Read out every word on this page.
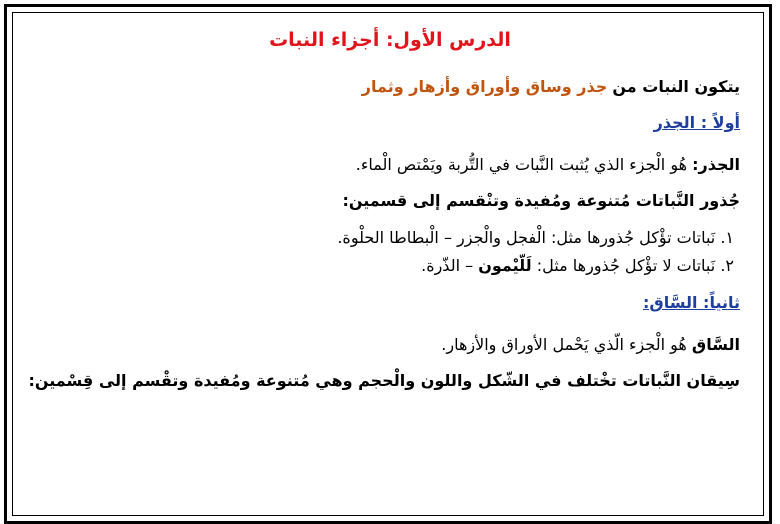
الدرس الأول: أجزاء النبات

يتكون النبات من جذر وساق وأوراق وأزهار وثمار

أولاً : الجذر

الجذر: هُو الْجزء الذي يُثبت النَّبات في التُّربة ويَمْتص الْماء.

جُذور النَّباتات مُتنوعة ومُفيدة وتنْقسم إلى قسمين:

١. نَباتات تؤْكل جُذورها مثل: الْفجل والْجزر – الْبطاطا الحلْوة.

٢. نَباتات لا تؤْكل جُذورها مثل: لَلّيْمون – الذّرة.

ثانياً: السَّاق:

السَّاق هُو الْجزء الّذي يَحْمل الأوراق والأزهار.

سِيقان النَّباتات تخْتلف في الشّكل واللون والْحجم وهي مُتنوعة ومُفيدة وتقْسم إلى قِسْمين:
